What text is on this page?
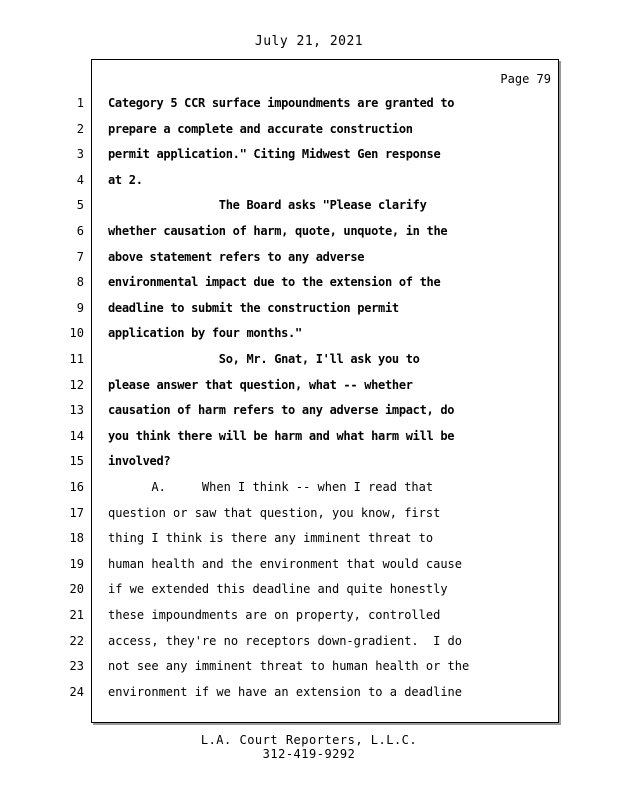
July 21, 2021
Page 79
1 Category 5 CCR surface impoundments are granted to
2 prepare a complete and accurate construction
3 permit application." Citing Midwest Gen response
4 at 2.
5 The Board asks "Please clarify
6 whether causation of harm, quote, unquote, in the
7 above statement refers to any adverse
8 environmental impact due to the extension of the
9 deadline to submit the construction permit
10 application by four months."
11 So, Mr. Gnat, I'll ask you to
12 please answer that question, what -- whether
13 causation of harm refers to any adverse impact, do
14 you think there will be harm and what harm will be
15 involved?
16 A.     When I think -- when I read that
17 question or saw that question, you know, first
18 thing I think is there any imminent threat to
19 human health and the environment that would cause
20 if we extended this deadline and quite honestly
21 these impoundments are on property, controlled
22 access, they're no receptors down-gradient.  I do
23 not see any imminent threat to human health or the
24 environment if we have an extension to a deadline
L.A. Court Reporters, L.L.C.
312-419-9292
